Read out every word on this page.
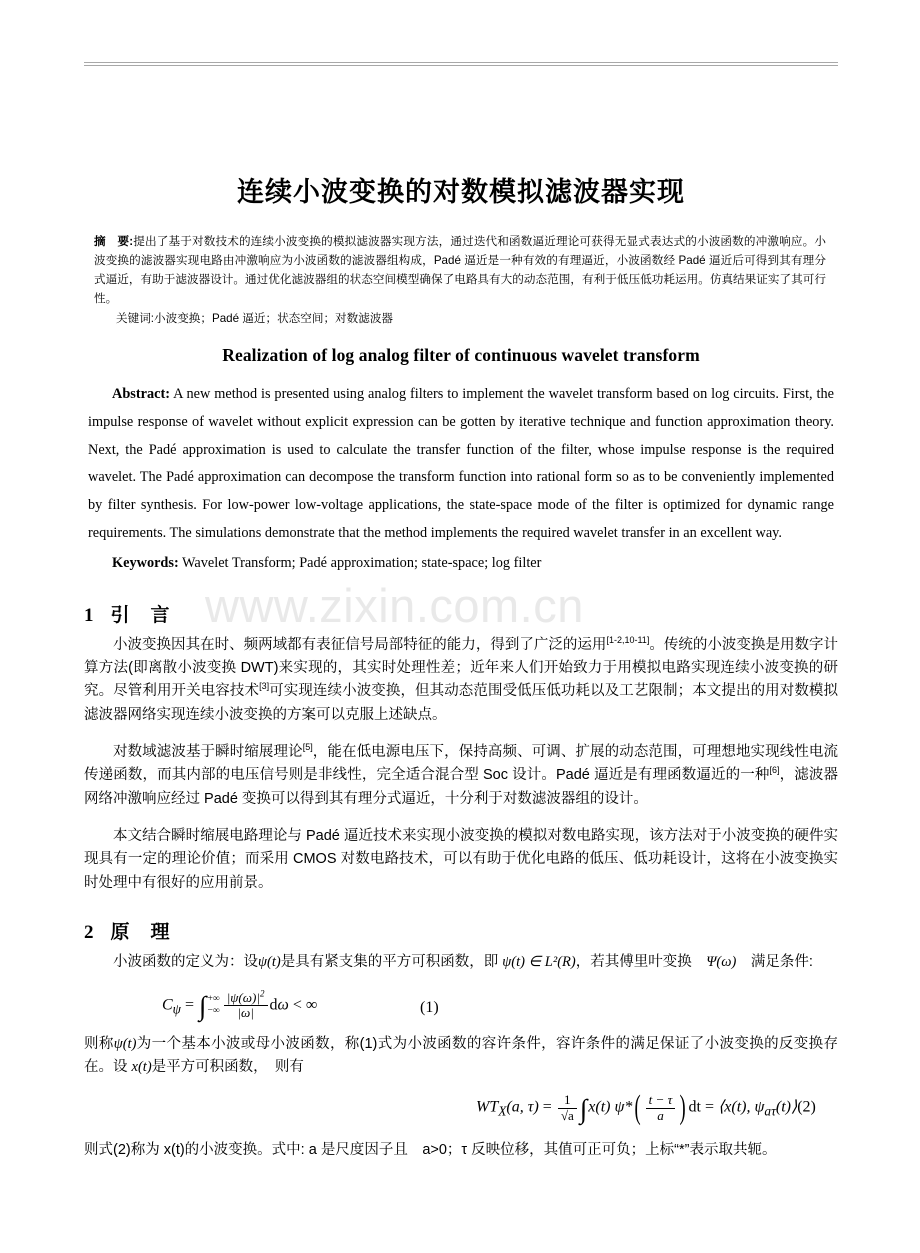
www.zixin.com.cn
连续小波变换的对数模拟滤波器实现
摘　要:提出了基于对数技术的连续小波变换的模拟滤波器实现方法，通过迭代和函数逼近理论可获得无显式表达式的小波函数的冲激响应。小波变换的滤波器实现电路由冲激响应为小波函数的滤波器组构成，Padé 逼近是一种有效的有理逼近，小波函数经 Padé 逼近后可得到其有理分式逼近，有助于滤波器设计。通过优化滤波器组的状态空间模型确保了电路具有大的动态范围，有利于低压低功耗运用。仿真结果证实了其可行性。
关键词:小波变换；Padé 逼近；状态空间；对数滤波器
Realization of log analog filter of continuous wavelet transform
Abstract: A new method is presented using analog filters to implement the wavelet transform based on log circuits. First, the impulse response of wavelet without explicit expression can be gotten by iterative technique and function approximation theory. Next, the Padé approximation is used to calculate the transfer function of the filter, whose impulse response is the required wavelet. The Padé approximation can decompose the transform function into rational form so as to be conveniently implemented by filter synthesis. For low-power low-voltage applications, the state-space mode of the filter is optimized for dynamic range requirements. The simulations demonstrate that the method implements the required wavelet transfer in an excellent way.
Keywords: Wavelet Transform; Padé approximation; state-space; log filter
1 引　言

小波变换因其在时、频两域都有表征信号局部特征的能力，得到了广泛的运用[1-2,10-11]。传统的小波变换是用数字计算方法(即离散小波变换 DWT)来实现的，其实时处理性差；近年来人们开始致力于用模拟电路实现连续小波变换的研究。尽管利用开关电容技术[3]可实现连续小波变换，但其动态范围受低压低功耗以及工艺限制；本文提出的用对数模拟滤波器网络实现连续小波变换的方案可以克服上述缺点。

对数域滤波基于瞬时缩展理论[5]，能在低电源电压下，保持高频、可调、扩展的动态范围，可理想地实现线性电流传递函数，而其内部的电压信号则是非线性，完全适合混合型 Soc 设计。Padé 逼近是有理函数逼近的一种[6]，滤波器网络冲激响应经过 Padé 变换可以得到其有理分式逼近，十分利于对数滤波器组的设计。

本文结合瞬时缩展电路理论与 Padé 逼近技术来实现小波变换的模拟对数电路实现，该方法对于小波变换的硬件实现具有一定的理论价值；而采用 CMOS 对数电路技术，可以有助于优化电路的低压、低功耗设计，这将在小波变换实时处理中有很好的应用前景。

2 原　理

小波函数的定义为：设ψ(t)是具有紧支集的平方可积函数，即 ψ(t) ∈ L²(R)，若其傅里叶变换　 Ψ(ω)　 满足条件:

$C_\psi$ = ∫ +∞
−∞ $\frac{|\psi(\omega)|^2}{|\omega|}$ dω < ∞	(1)

则称ψ(t)为一个基本小波或母小波函数，称(1)式为小波函数的容许条件，容许条件的满足保证了小波变换的反变换存在。设 x(t)是平方可积函数，　则有

$WT_X(a$, $\tau) = \frac{1}{√a} \int x(t)$ $\psi*( \frac{t - \tau}{a}$ ) dt = ⟨x(t), $\psi_{a\tau}(t)⟩(2)$

则式(2)称为 x(t)的小波变换。式中: a 是尺度因子且　a>0；τ 反映位移，其值可正可负；上标“*”表示取共轭。
